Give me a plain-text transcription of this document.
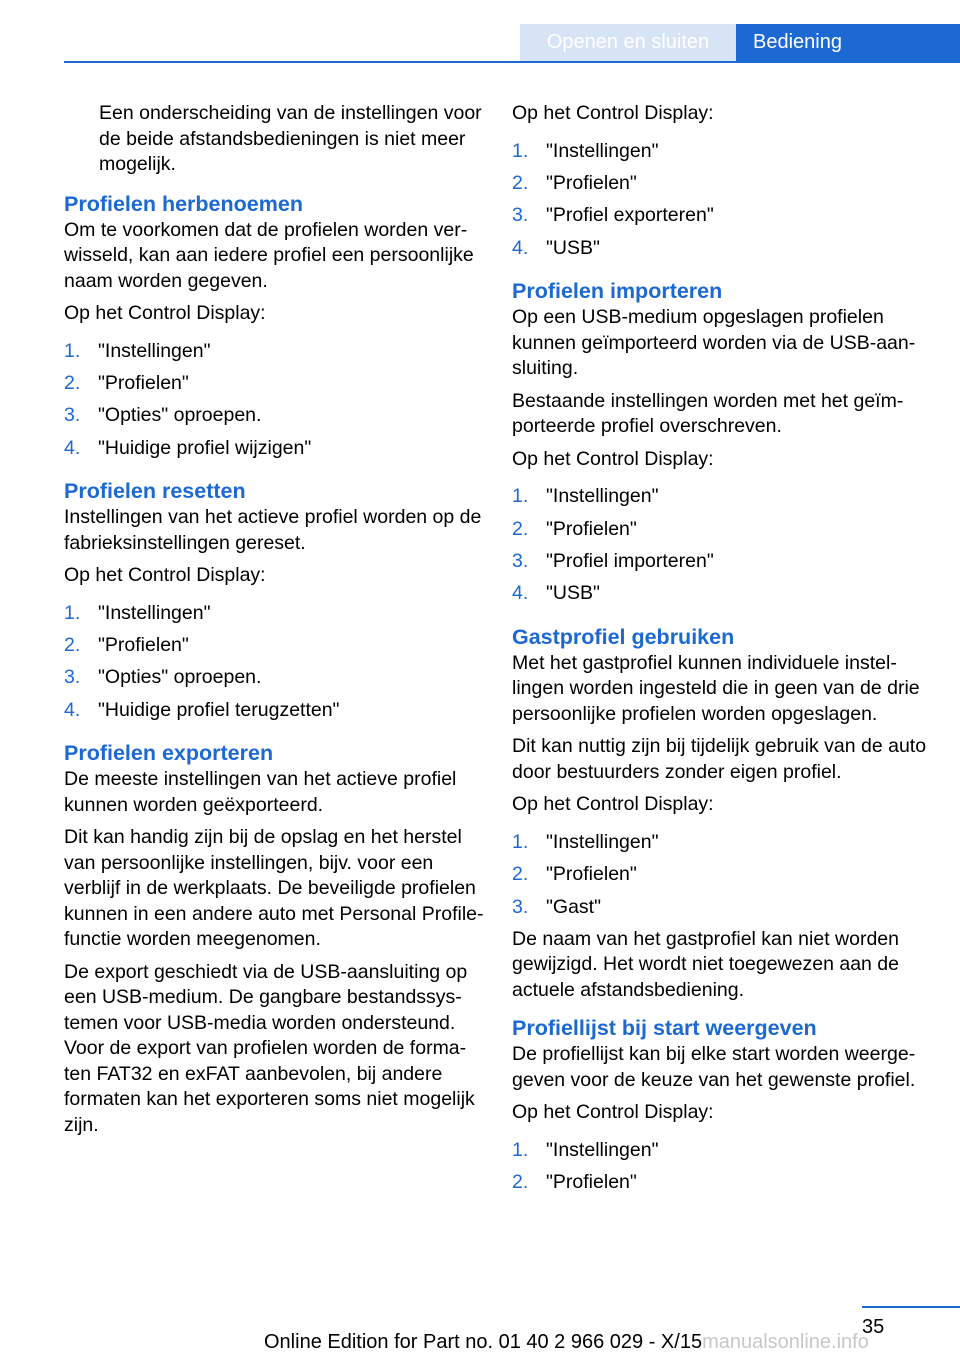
Openen en sluiten	Bediening

Een onderscheiding van de instellingen voor de beide afstandsbedieningen is niet meer mogelijk.

Profielen herbenoemen

Om te voorkomen dat de profielen worden verwisseld, kan aan iedere profiel een persoonlijke naam worden gegeven.

Op het Control Display:

1. "Instellingen"
2. "Profielen"
3. "Opties" oproepen.
4. "Huidige profiel wijzigen"
Profielen resetten

Instellingen van het actieve profiel worden op de fabrieksinstellingen gereset.

Op het Control Display:

1. "Instellingen"
2. "Profielen"
3. "Opties" oproepen.
4. "Huidige profiel terugzetten"
Profielen exporteren

De meeste instellingen van het actieve profiel kunnen worden geëxporteerd.

Dit kan handig zijn bij de opslag en het herstel van persoonlijke instellingen, bijv. voor een verblijf in de werkplaats. De beveiligde profielen kunnen in een andere auto met Personal Profile-functie worden meegenomen.

De export geschiedt via de USB-aansluiting op een USB-medium. De gangbare bestandssystemen voor USB-media worden ondersteund. Voor de export van profielen worden de formaten FAT32 en exFAT aanbevolen, bij andere formaten kan het exporteren soms niet mogelijk zijn.

Op het Control Display:

1. "Instellingen"
2. "Profielen"
3. "Profiel exporteren"
4. "USB"
Profielen importeren

Op een USB-medium opgeslagen profielen kunnen geïmporteerd worden via de USB-aansluiting.

Bestaande instellingen worden met het geïmporteerde profiel overschreven.

Op het Control Display:

1. "Instellingen"
2. "Profielen"
3. "Profiel importeren"
4. "USB"
Gastprofiel gebruiken

Met het gastprofiel kunnen individuele instellingen worden ingesteld die in geen van de drie persoonlijke profielen worden opgeslagen.

Dit kan nuttig zijn bij tijdelijk gebruik van de auto door bestuurders zonder eigen profiel.

Op het Control Display:

1. "Instellingen"
2. "Profielen"
3. "Gast"

De naam van het gastprofiel kan niet worden gewijzigd. Het wordt niet toegewezen aan de actuele afstandsbediening.

Profiellijst bij start weergeven

De profiellijst kan bij elke start worden weergegeven voor de keuze van het gewenste profiel.

Op het Control Display:

1. "Instellingen"
2. "Profielen"
35
Online Edition for Part no. 01 40 2 966 029 - X/15manualsonline.info
